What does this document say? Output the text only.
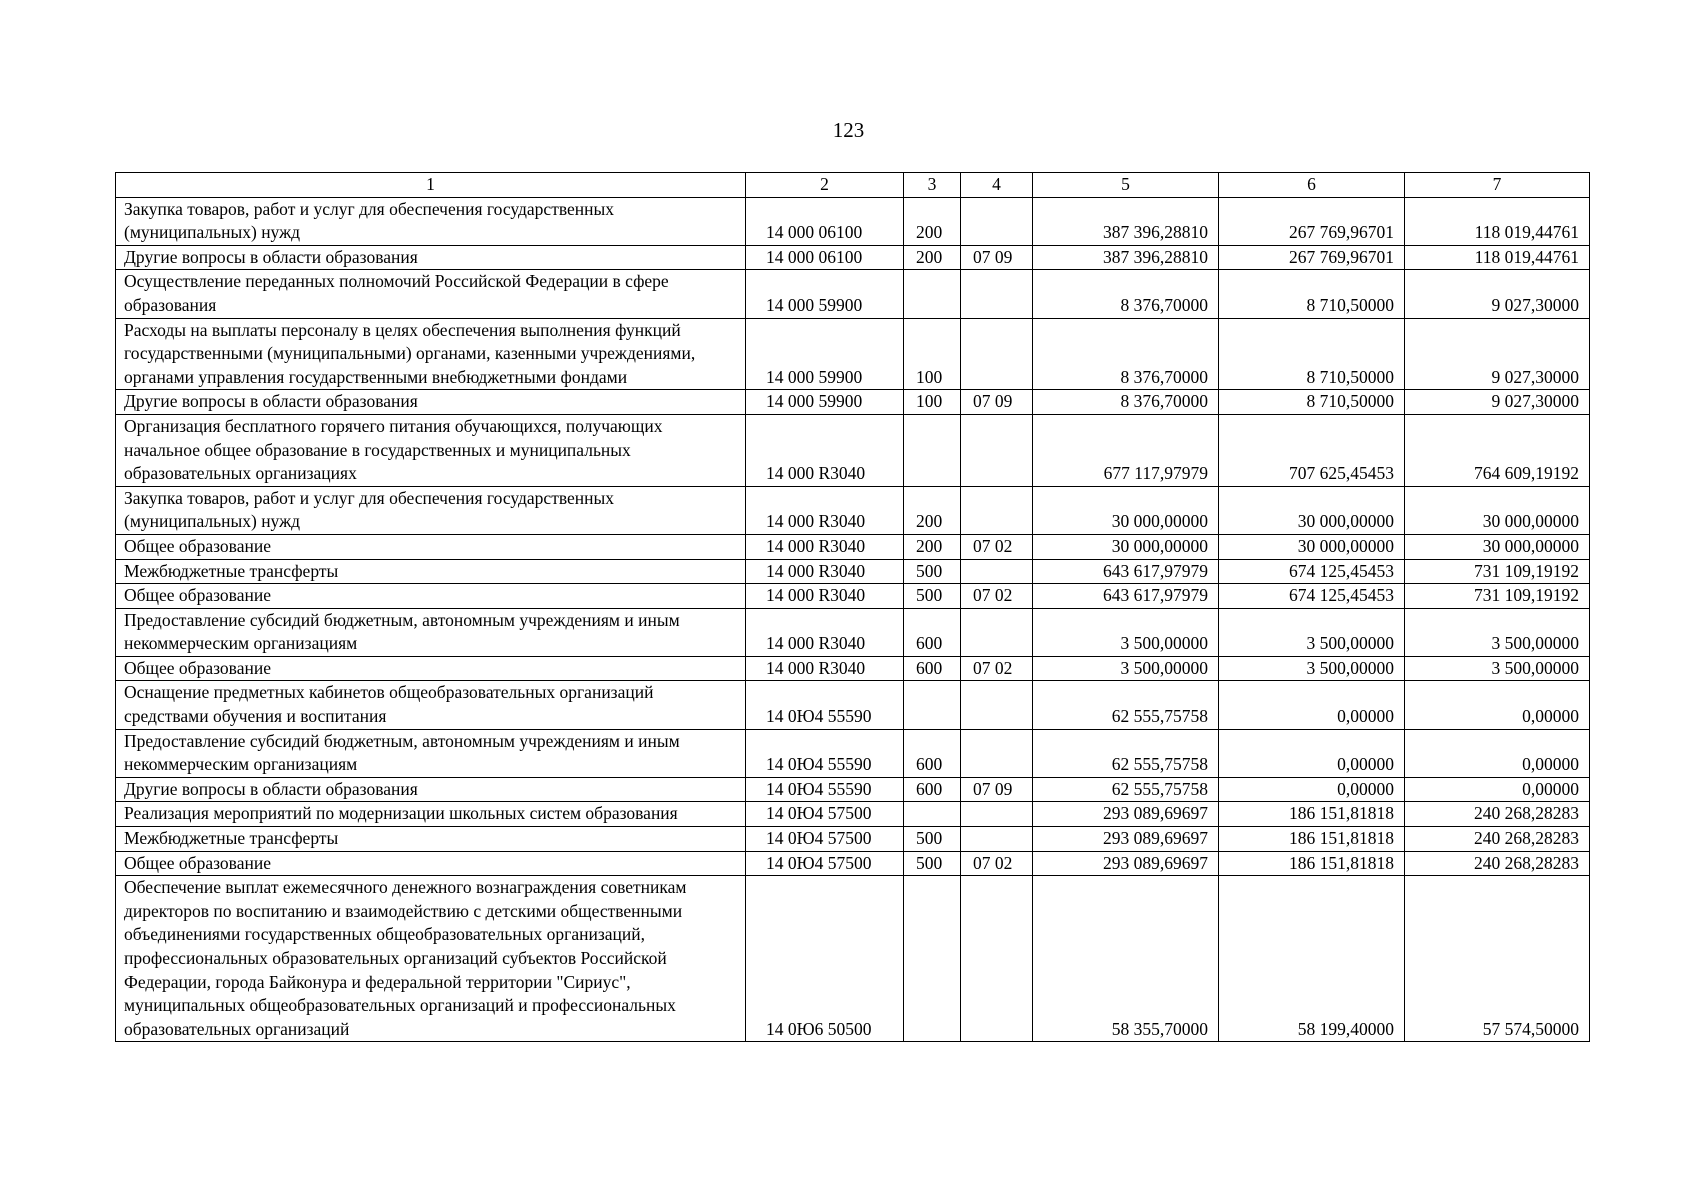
123
1	2	3	4	5	6	7
Закупка товаров, работ и услуг для обеспечения государственных (муниципальных) нужд	14 000 06100	200		387 396,28810	267 769,96701	118 019,44761
Другие вопросы в области образования	14 000 06100	200	07 09	387 396,28810	267 769,96701	118 019,44761
Осуществление переданных полномочий Российской Федерации в сфере образования	14 000 59900			8 376,70000	8 710,50000	9 027,30000
Расходы на выплаты персоналу в целях обеспечения выполнения функций государственными (муниципальными) органами, казенными учреждениями, органами управления государственными внебюджетными фондами	14 000 59900	100		8 376,70000	8 710,50000	9 027,30000
Другие вопросы в области образования	14 000 59900	100	07 09	8 376,70000	8 710,50000	9 027,30000
Организация бесплатного горячего питания обучающихся, получающих начальное общее образование в государственных и муниципальных образовательных организациях	14 000 R3040			677 117,97979	707 625,45453	764 609,19192
Закупка товаров, работ и услуг для обеспечения государственных (муниципальных) нужд	14 000 R3040	200		30 000,00000	30 000,00000	30 000,00000
Общее образование	14 000 R3040	200	07 02	30 000,00000	30 000,00000	30 000,00000
Межбюджетные трансферты	14 000 R3040	500		643 617,97979	674 125,45453	731 109,19192
Общее образование	14 000 R3040	500	07 02	643 617,97979	674 125,45453	731 109,19192
Предоставление субсидий бюджетным, автономным учреждениям и иным некоммерческим организациям	14 000 R3040	600		3 500,00000	3 500,00000	3 500,00000
Общее образование	14 000 R3040	600	07 02	3 500,00000	3 500,00000	3 500,00000
Оснащение предметных кабинетов общеобразовательных организаций средствами обучения и воспитания	14 0Ю4 55590			62 555,75758	0,00000	0,00000
Предоставление субсидий бюджетным, автономным учреждениям и иным некоммерческим организациям	14 0Ю4 55590	600		62 555,75758	0,00000	0,00000
Другие вопросы в области образования	14 0Ю4 55590	600	07 09	62 555,75758	0,00000	0,00000
Реализация мероприятий по модернизации школьных систем образования	14 0Ю4 57500			293 089,69697	186 151,81818	240 268,28283
Межбюджетные трансферты	14 0Ю4 57500	500		293 089,69697	186 151,81818	240 268,28283
Общее образование	14 0Ю4 57500	500	07 02	293 089,69697	186 151,81818	240 268,28283
Обеспечение выплат ежемесячного денежного вознаграждения советникам директоров по воспитанию и взаимодействию с детскими общественными объединениями государственных общеобразовательных организаций, профессиональных образовательных организаций субъектов Российской Федерации, города Байконура и федеральной территории "Сириус", муниципальных общеобразовательных организаций и профессиональных образовательных организаций	14 0Ю6 50500			58 355,70000	58 199,40000	57 574,50000
